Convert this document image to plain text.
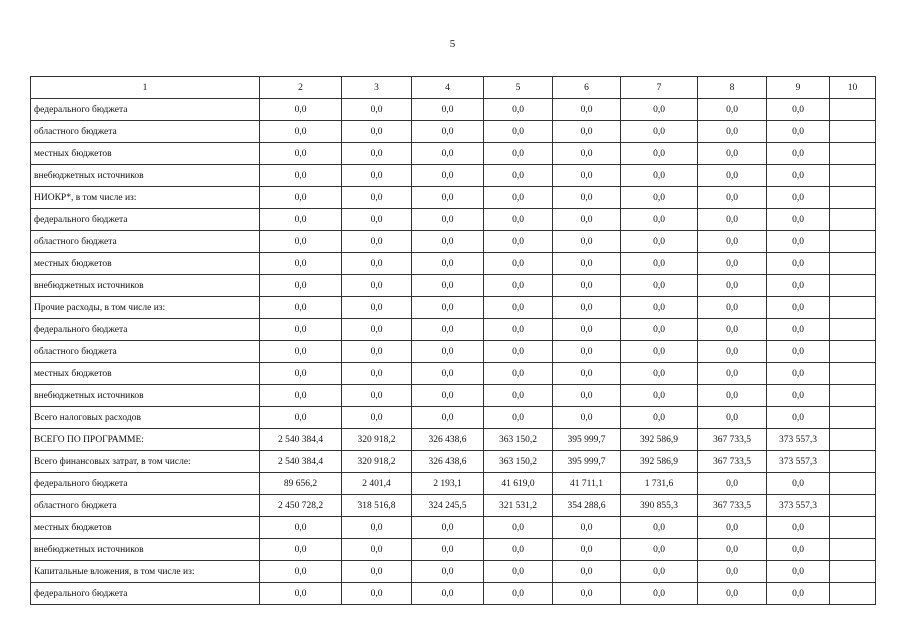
5
1	2	3	4	5	6	7	8	9	10
федерального бюджета	0,0	0,0	0,0	0,0	0,0	0,0	0,0	0,0	
областного бюджета	0,0	0,0	0,0	0,0	0,0	0,0	0,0	0,0	
местных бюджетов	0,0	0,0	0,0	0,0	0,0	0,0	0,0	0,0	
внебюджетных источников	0,0	0,0	0,0	0,0	0,0	0,0	0,0	0,0	
НИОКР*, в том числе из:	0,0	0,0	0,0	0,0	0,0	0,0	0,0	0,0	
федерального бюджета	0,0	0,0	0,0	0,0	0,0	0,0	0,0	0,0	
областного бюджета	0,0	0,0	0,0	0,0	0,0	0,0	0,0	0,0	
местных бюджетов	0,0	0,0	0,0	0,0	0,0	0,0	0,0	0,0	
внебюджетных источников	0,0	0,0	0,0	0,0	0,0	0,0	0,0	0,0	
Прочие расходы, в том числе из:	0,0	0,0	0,0	0,0	0,0	0,0	0,0	0,0	
федерального бюджета	0,0	0,0	0,0	0,0	0,0	0,0	0,0	0,0	
областного бюджета	0,0	0,0	0,0	0,0	0,0	0,0	0,0	0,0	
местных бюджетов	0,0	0,0	0,0	0,0	0,0	0,0	0,0	0,0	
внебюджетных источников	0,0	0,0	0,0	0,0	0,0	0,0	0,0	0,0	
Всего налоговых расходов	0,0	0,0	0,0	0,0	0,0	0,0	0,0	0,0	
ВСЕГО ПО ПРОГРАММЕ:	2 540 384,4	320 918,2	326 438,6	363 150,2	395 999,7	392 586,9	367 733,5	373 557,3	
Всего финансовых затрат, в том числе:	2 540 384,4	320 918,2	326 438,6	363 150,2	395 999,7	392 586,9	367 733,5	373 557,3	
федерального бюджета	89 656,2	2 401,4	2 193,1	41 619,0	41 711,1	1 731,6	0,0	0,0	
областного бюджета	2 450 728,2	318 516,8	324 245,5	321 531,2	354 288,6	390 855,3	367 733,5	373 557,3	
местных бюджетов	0,0	0,0	0,0	0,0	0,0	0,0	0,0	0,0	
внебюджетных источников	0,0	0,0	0,0	0,0	0,0	0,0	0,0	0,0	
Капитальные вложения, в том числе из:	0,0	0,0	0,0	0,0	0,0	0,0	0,0	0,0	
федерального бюджета	0,0	0,0	0,0	0,0	0,0	0,0	0,0	0,0	
